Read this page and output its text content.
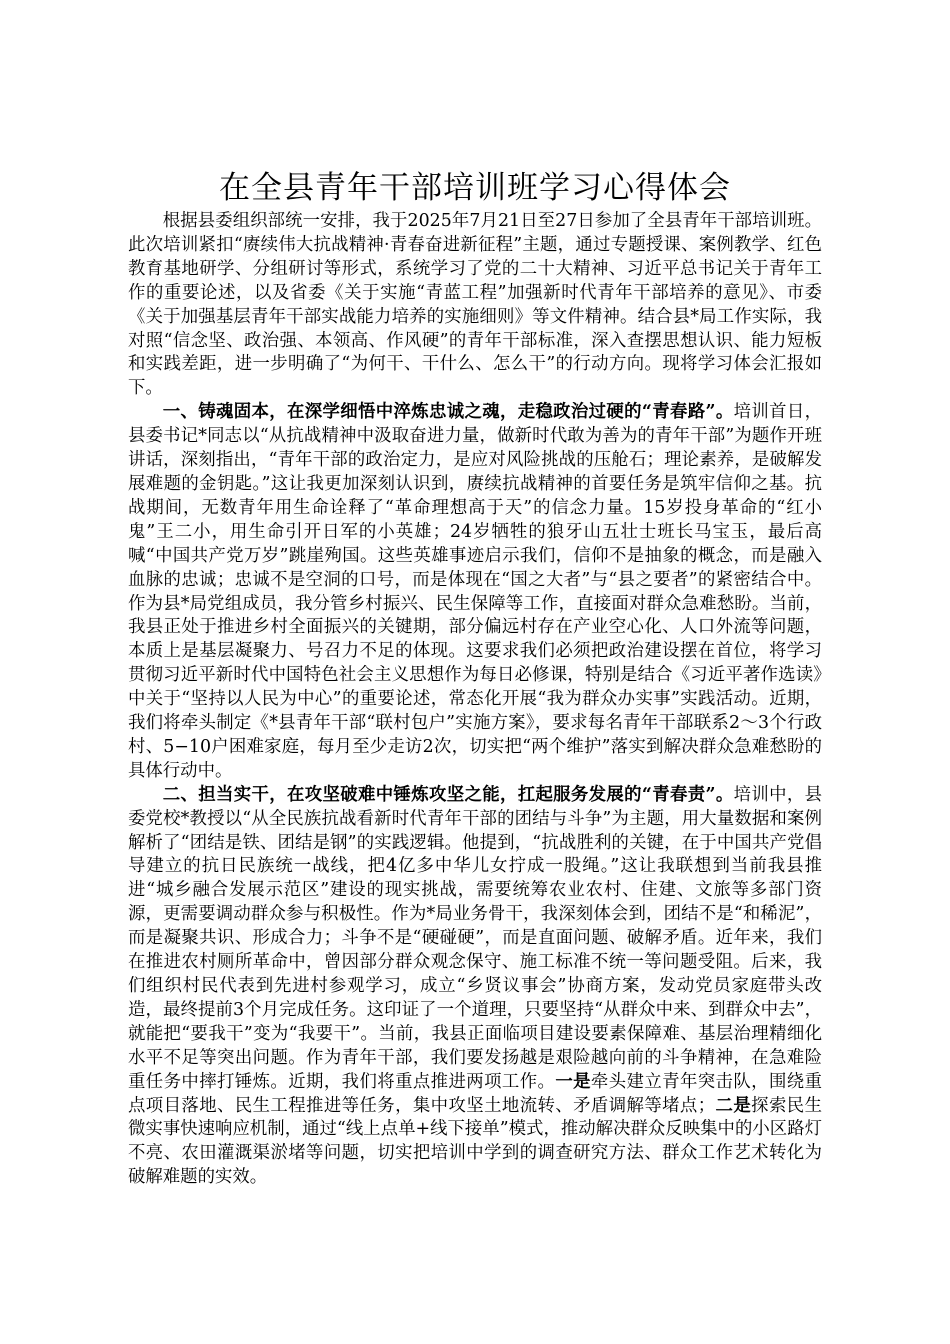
在全县青年干部培训班学习心得体会

根据县委组织部统一安排，我于2025年7月21日至27日参加了全县青年干部培训班。此次培训紧扣“赓续伟大抗战精神·青春奋进新征程”主题，通过专题授课、案例教学、红色教育基地研学、分组研讨等形式，系统学习了党的二十大精神、习近平总书记关于青年工作的重要论述，以及省委《关于实施“青蓝工程”加强新时代青年干部培养的意见》、市委《关于加强基层青年干部实战能力培养的实施细则》等文件精神。结合县*局工作实际，我对照“信念坚、政治强、本领高、作风硬”的青年干部标准，深入查摆思想认识、能力短板和实践差距，进一步明确了“为何干、干什么、怎么干”的行动方向。现将学习体会汇报如下。

一、铸魂固本，在深学细悟中淬炼忠诚之魂，走稳政治过硬的“青春路”。培训首日，县委书记*同志以“从抗战精神中汲取奋进力量，做新时代敢为善为的青年干部”为题作开班讲话，深刻指出，“青年干部的政治定力，是应对风险挑战的压舱石；理论素养，是破解发展难题的金钥匙。”这让我更加深刻认识到，赓续抗战精神的首要任务是筑牢信仰之基。抗战期间，无数青年用生命诠释了“革命理想高于天”的信念力量。15岁投身革命的“红小鬼”王二小，用生命引开日军的小英雄；24岁牺牲的狼牙山五壮士班长马宝玉，最后高喊“中国共产党万岁”跳崖殉国。这些英雄事迹启示我们，信仰不是抽象的概念，而是融入血脉的忠诚；忠诚不是空洞的口号，而是体现在“国之大者”与“县之要者”的紧密结合中。作为县*局党组成员，我分管乡村振兴、民生保障等工作，直接面对群众急难愁盼。当前，我县正处于推进乡村全面振兴的关键期，部分偏远村存在产业空心化、人口外流等问题，本质上是基层凝聚力、号召力不足的体现。这要求我们必须把政治建设摆在首位，将学习贯彻习近平新时代中国特色社会主义思想作为每日必修课，特别是结合《习近平著作选读》中关于“坚持以人民为中心”的重要论述，常态化开展“我为群众办实事”实践活动。近期，我们将牵头制定《*县青年干部“联村包户”实施方案》，要求每名青年干部联系2～3个行政村、5−10户困难家庭，每月至少走访2次，切实把“两个维护”落实到解决群众急难愁盼的具体行动中。

二、担当实干，在攻坚破难中锤炼攻坚之能，扛起服务发展的“青春责”。培训中，县委党校*教授以“从全民族抗战看新时代青年干部的团结与斗争”为主题，用大量数据和案例解析了“团结是铁、团结是钢”的实践逻辑。他提到，“抗战胜利的关键，在于中国共产党倡导建立的抗日民族统一战线，把4亿多中华儿女拧成一股绳。”这让我联想到当前我县推进“城乡融合发展示范区”建设的现实挑战，需要统筹农业农村、住建、文旅等多部门资源，更需要调动群众参与积极性。作为*局业务骨干，我深刻体会到，团结不是“和稀泥”，而是凝聚共识、形成合力；斗争不是“硬碰硬”，而是直面问题、破解矛盾。近年来，我们在推进农村厕所革命中，曾因部分群众观念保守、施工标准不统一等问题受阻。后来，我们组织村民代表到先进村参观学习，成立“乡贤议事会”协商方案，发动党员家庭带头改造，最终提前3个月完成任务。这印证了一个道理，只要坚持“从群众中来、到群众中去”，就能把“要我干”变为“我要干”。当前，我县正面临项目建设要素保障难、基层治理精细化水平不足等突出问题。作为青年干部，我们要发扬越是艰险越向前的斗争精神，在急难险重任务中摔打锤炼。近期，我们将重点推进两项工作。一是牵头建立青年突击队，围绕重点项目落地、民生工程推进等任务，集中攻坚土地流转、矛盾调解等堵点；二是探索民生微实事快速响应机制，通过“线上点单+线下接单”模式，推动解决群众反映集中的小区路灯不亮、农田灌溉渠淤堵等问题，切实把培训中学到的调查研究方法、群众工作艺术转化为破解难题的实效。
